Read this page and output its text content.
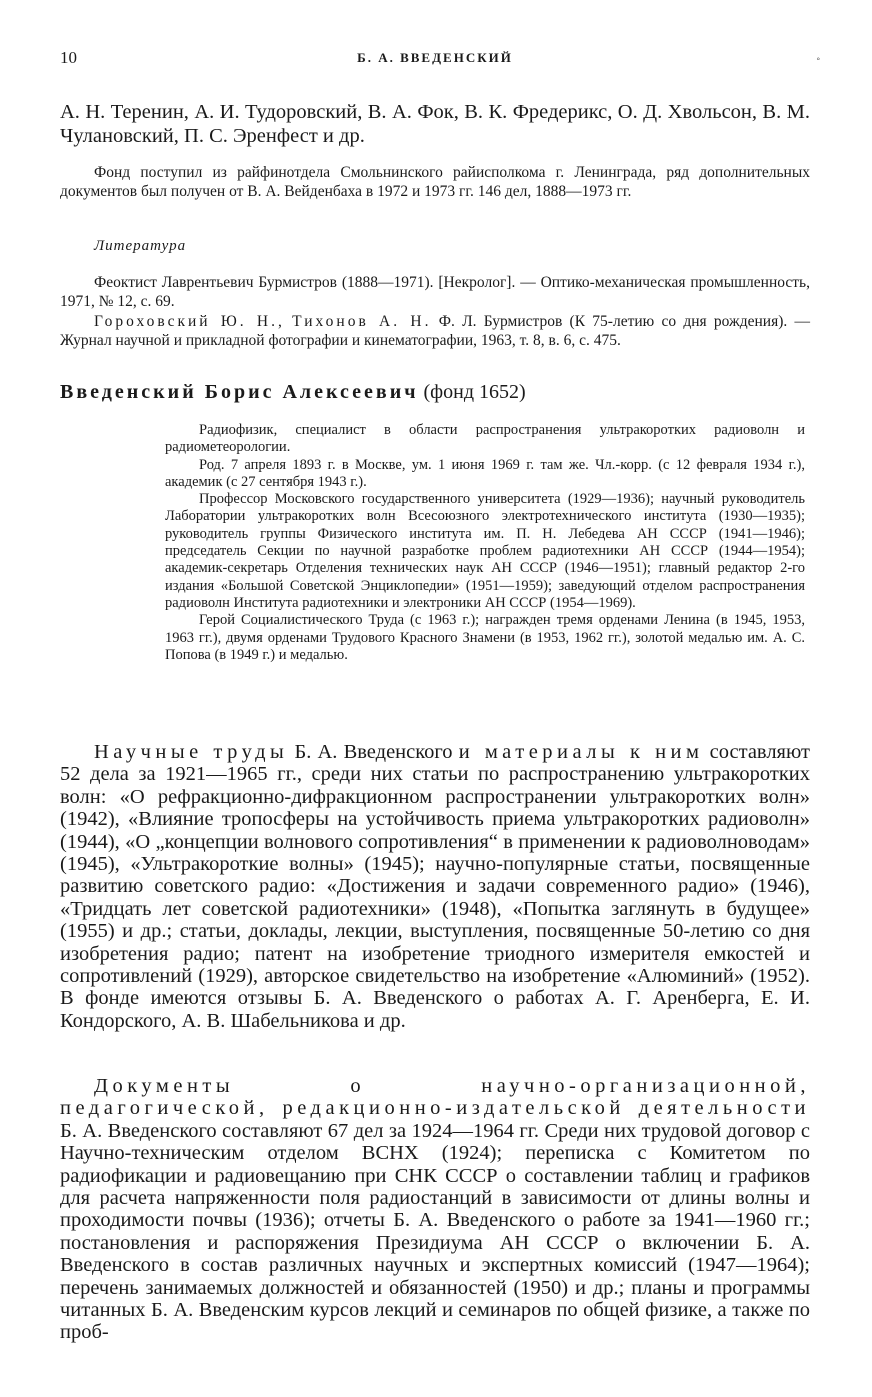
10	Б. А. ВВЕДЕНСКИЙ	◦

А. Н. Теренин, А. И. Тудоровский, В. А. Фок, В. К. Фредерикс, О. Д. Хвольсон, В. М. Чулановский, П. С. Эренфест и др.

Фонд поступил из райфинотдела Смольнинского райисполкома г. Ленинграда, ряд дополнительных документов был получен от В. А. Вейденбаха в 1972 и 1973 гг. 146 дел, 1888—1973 гг.

Литература

Феоктист Лаврентьевич Бурмистров (1888—1971). [Некролог]. — Оптико-механическая промышленность, 1971, № 12, с. 69.

Гороховский Ю. Н., Тихонов А. Н. Ф. Л. Бурмистров (К 75-летию со дня рождения). — Журнал научной и прикладной фотографии и кинематографии, 1963, т. 8, в. 6, с. 475.

Введенский Борис Алексеевич (фонд 1652)

Радиофизик, специалист в области распространения ультракоротких радиоволн и радиометеорологии.

Род. 7 апреля 1893 г. в Москве, ум. 1 июня 1969 г. там же. Чл.-корр. (с 12 февраля 1934 г.), академик (с 27 сентября 1943 г.).

Профессор Московского государственного университета (1929—1936); научный руководитель Лаборатории ультракоротких волн Всесоюзного электротехнического института (1930—1935); руководитель группы Физического института им. П. Н. Лебедева АН СССР (1941—1946); председатель Секции по научной разработке проблем радиотехники АН СССР (1944—1954); академик-секретарь Отделения технических наук АН СССР (1946—1951); главный редактор 2-го издания «Большой Советской Энциклопедии» (1951—1959); заведующий отделом распространения радиоволн Института радиотехники и электроники АН СССР (1954—1969).

Герой Социалистического Труда (с 1963 г.); награжден тремя орденами Ленина (в 1945, 1953, 1963 гг.), двумя орденами Трудового Красного Знамени (в 1953, 1962 гг.), золотой медалью им. А. С. Попова (в 1949 г.) и медалью.

Научные труды Б. А. Введенского и материалы к ним составляют 52 дела за 1921—1965 гг., среди них статьи по распространению ультракоротких волн: «О рефракционно-дифракционном распространении ультракоротких волн» (1942), «Влияние тропосферы на устойчивость приема ультракоротких радиоволн» (1944), «О „концепции волнового сопротивления“ в применении к радиоволноводам» (1945), «Ультракороткие волны» (1945); научно-популярные статьи, посвященные развитию советского радио: «Достижения и задачи современного радио» (1946), «Тридцать лет советской радиотехники» (1948), «Попытка заглянуть в будущее» (1955) и др.; статьи, доклады, лекции, выступления, посвященные 50-летию со дня изобретения радио; патент на изобретение триодного измерителя емкостей и сопротивлений (1929), авторское свидетельство на изобретение «Алюминий» (1952). В фонде имеются отзывы Б. А. Введенского о работах А. Г. Аренберга, Е. И. Кондорского, А. В. Шабельникова и др.

Документы о научно-организационной, педагогической, редакционно-издательской деятельности Б. А. Введенского составляют 67 дел за 1924—1964 гг. Среди них трудовой договор с Научно-техническим отделом ВСНХ (1924); переписка с Комитетом по радиофикации и радиовещанию при СНК СССР о составлении таблиц и графиков для расчета напряженности поля радиостанций в зависимости от длины волны и проходимости почвы (1936); отчеты Б. А. Введенского о работе за 1941—1960 гг.; постановления и распоряжения Президиума АН СССР о включении Б. А. Введенского в состав различных научных и экспертных комиссий (1947—1964); перечень занимаемых должностей и обязанностей (1950) и др.; планы и программы читанных Б. А. Введенским курсов лекций и семинаров по общей физике, а также по проб-
